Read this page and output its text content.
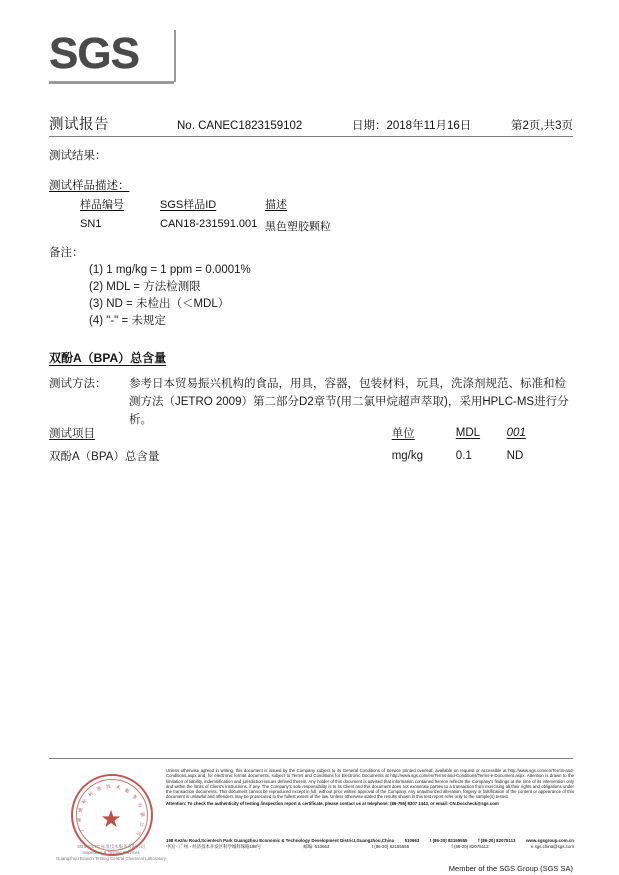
SGS
测试报告	No. CANEC1823159102	日期：2018年11月16日	第2页,共3页
测试结果：
测试样品描述：
样品编号	SGS样品ID	描述
SN1	CAN18-231591.001	黑色塑胶颗粒
备注：
(1) 1 mg/kg = 1 ppm = 0.0001%
(2) MDL = 方法检测限
(3) ND = 未检出（＜MDL）
(4) "-" = 未规定
双酚A（BPA）总含量
测试方法：	参考日本贸易振兴机构的食品，用具，容器，包装材料，玩具，洗涤剂规范、标准和检测方法（JETRO 2009）第二部分D2章节(用二氯甲烷超声萃取)，采用HPLC-MS进行分析。
测试项目	单位	MDL	001
双酚A（BPA）总含量	mg/kg	0.1	ND
★
广
州
通
标
标
准 技 术
服
务
有
限
公
司
SGS-CSTC 标准技术服务有限公司
Inspection & Testing Services
Guangzhou Branch Testing Central Chemical Laboratory
Unless otherwise agreed in writing, this document is issued by the Company subject to its General Conditions of Service printed overleaf, available on request or accessible at http://www.sgs.com/en/Terms-and-Conditions.aspx and, for electronic format documents, subject to Terms and Conditions for Electronic Documents at http://www.sgs.com/en/Terms-and-Conditions/Terms-e-Document.aspx. Attention is drawn to the limitation of liability, indemnification and jurisdiction issues defined therein. Any holder of this document is advised that information contained hereon reflects the Company's findings at the time of its intervention only and within the limits of Client's instructions, if any. The Company's sole responsibility is to its Client and this document does not exonerate parties to a transaction from exercising all their rights and obligations under the transaction documents. This document cannot be reproduced except in full, without prior written approval of the Company. Any unauthorized alteration, forgery or falsification of the content or appearance of this document is unlawful and offenders may be prosecuted to the fullest extent of the law. Unless otherwise stated the results shown in this test report refer only to the sample(s) tested.
Attention: To check the authenticity of testing /inspection report & certificate, please contact us at telephone: (86-755) 8307 1443, or email: CN.Doccheck@sgs.com
198 Kezhu Road,Scientech Park Guangzhou Economic & Technology Development District,Guangzhou,China 510663 t (86-20) 82155555 f (86-20) 82075113 www.sgsgroup.com.cn
中国・广州・经济技术开发区科学城科珠路198号	邮编: 510663	t (86-20) 82155555	f (86-20) 82075113	e sgs.china@sgs.com
Member of the SGS Group (SGS SA)
